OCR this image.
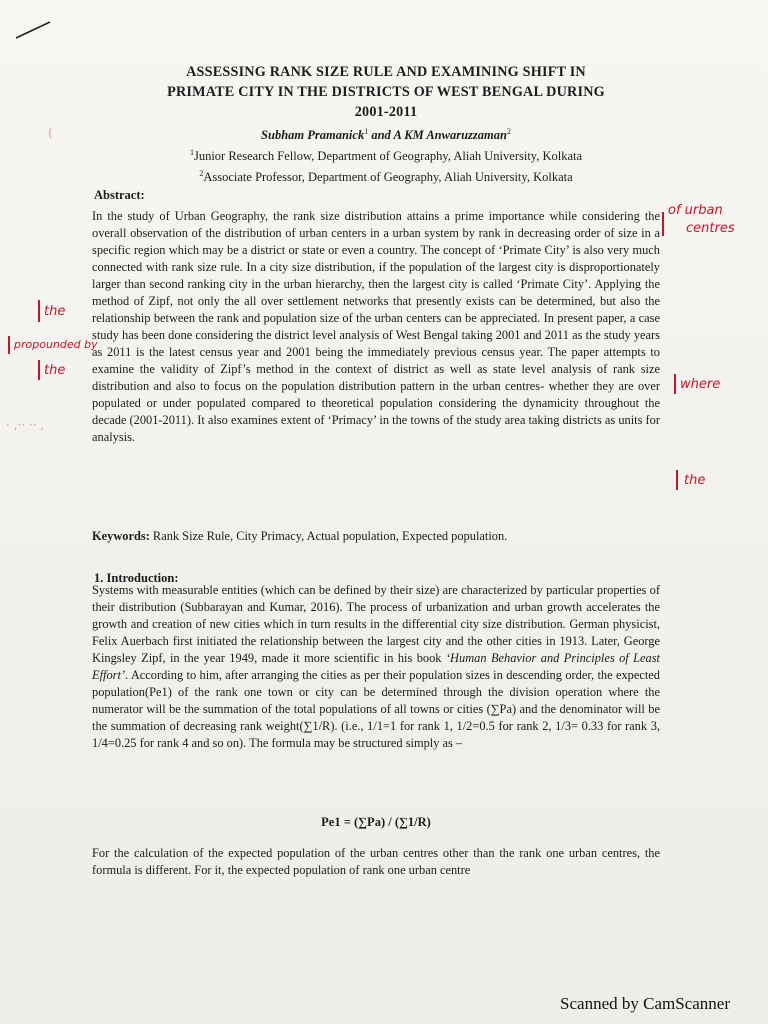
ASSESSING RANK SIZE RULE AND EXAMINING SHIFT IN
PRIMATE CITY IN THE DISTRICTS OF WEST BENGAL DURING
2001-2011
Subham Pramanick$^1$ and A KM Anwaruzzaman$^2$
$^1$Junior Research Fellow, Department of Geography, Aliah University, Kolkata
$^2$Associate Professor, Department of Geography, Aliah University, Kolkata
Abstract:

In the study of Urban Geography, the rank size distribution attains a prime importance while considering the overall observation of the distribution of urban centers in a urban system by rank in decreasing order of size in a specific region which may be a district or state or even a country. The concept of ‘Primate City’ is also very much connected with rank size rule. In a city size distribution, if the population of the largest city is disproportionately larger than second ranking city in the urban hierarchy, then the largest city is called ‘Primate City’. Applying the method of Zipf, not only the all over settlement networks that presently exists can be determined, but also the relationship between the rank and population size of the urban centers can be appreciated. In present paper, a case study has been done considering the district level analysis of West Bengal taking 2001 and 2011 as the study years as 2011 is the latest census year and 2001 being the immediately previous census year. The paper attempts to examine the validity of Zipf’s method in the context of district as well as state level analysis of rank size distribution and also to focus on the population distribution pattern in the urban centres- whether they are over populated or under populated compared to theoretical population considering the dynamicity throughout the decade (2001-2011). It also examines extent of ‘Primacy’ in the towns of the study area taking districts as units for analysis.

Keywords: Rank Size Rule, City Primacy, Actual population, Expected population.
1. Introduction:

Systems with measurable entities (which can be defined by their size) are characterized by particular properties of their distribution (Subbarayan and Kumar, 2016). The process of urbanization and urban growth accelerates the growth and creation of new cities which in turn results in the differential city size distribution. German physicist, Felix Auerbach first initiated the relationship between the largest city and the other cities in 1913. Later, George Kingsley Zipf, in the year 1949, made it more scientific in his book ‘Human Behavior and Principles of Least Effort’. According to him, after arranging the cities as per their population sizes in descending order, the expected population(Pe1) of the rank one town or city can be determined through the division operation where the numerator will be the summation of the total populations of all towns or cities (∑Pa) and the denominator will be the summation of decreasing rank weight(∑1/R). (i.e., 1/1=1 for rank 1, 1/2=0.5 for rank 2, 1/3= 0.33 for rank 3, 1/4=0.25 for rank 4 and so on). The formula may be structured simply as –

Pe1 = (∑Pa) / (∑1/R)

For the calculation of the expected population of the urban centres other than the rank one urban centres, the formula is different. For it, the expected population of rank one urban centre

of urban
centres
the
propounded by
the
where
the
(
· ,·· ·· ,
Scanned by CamScanner
